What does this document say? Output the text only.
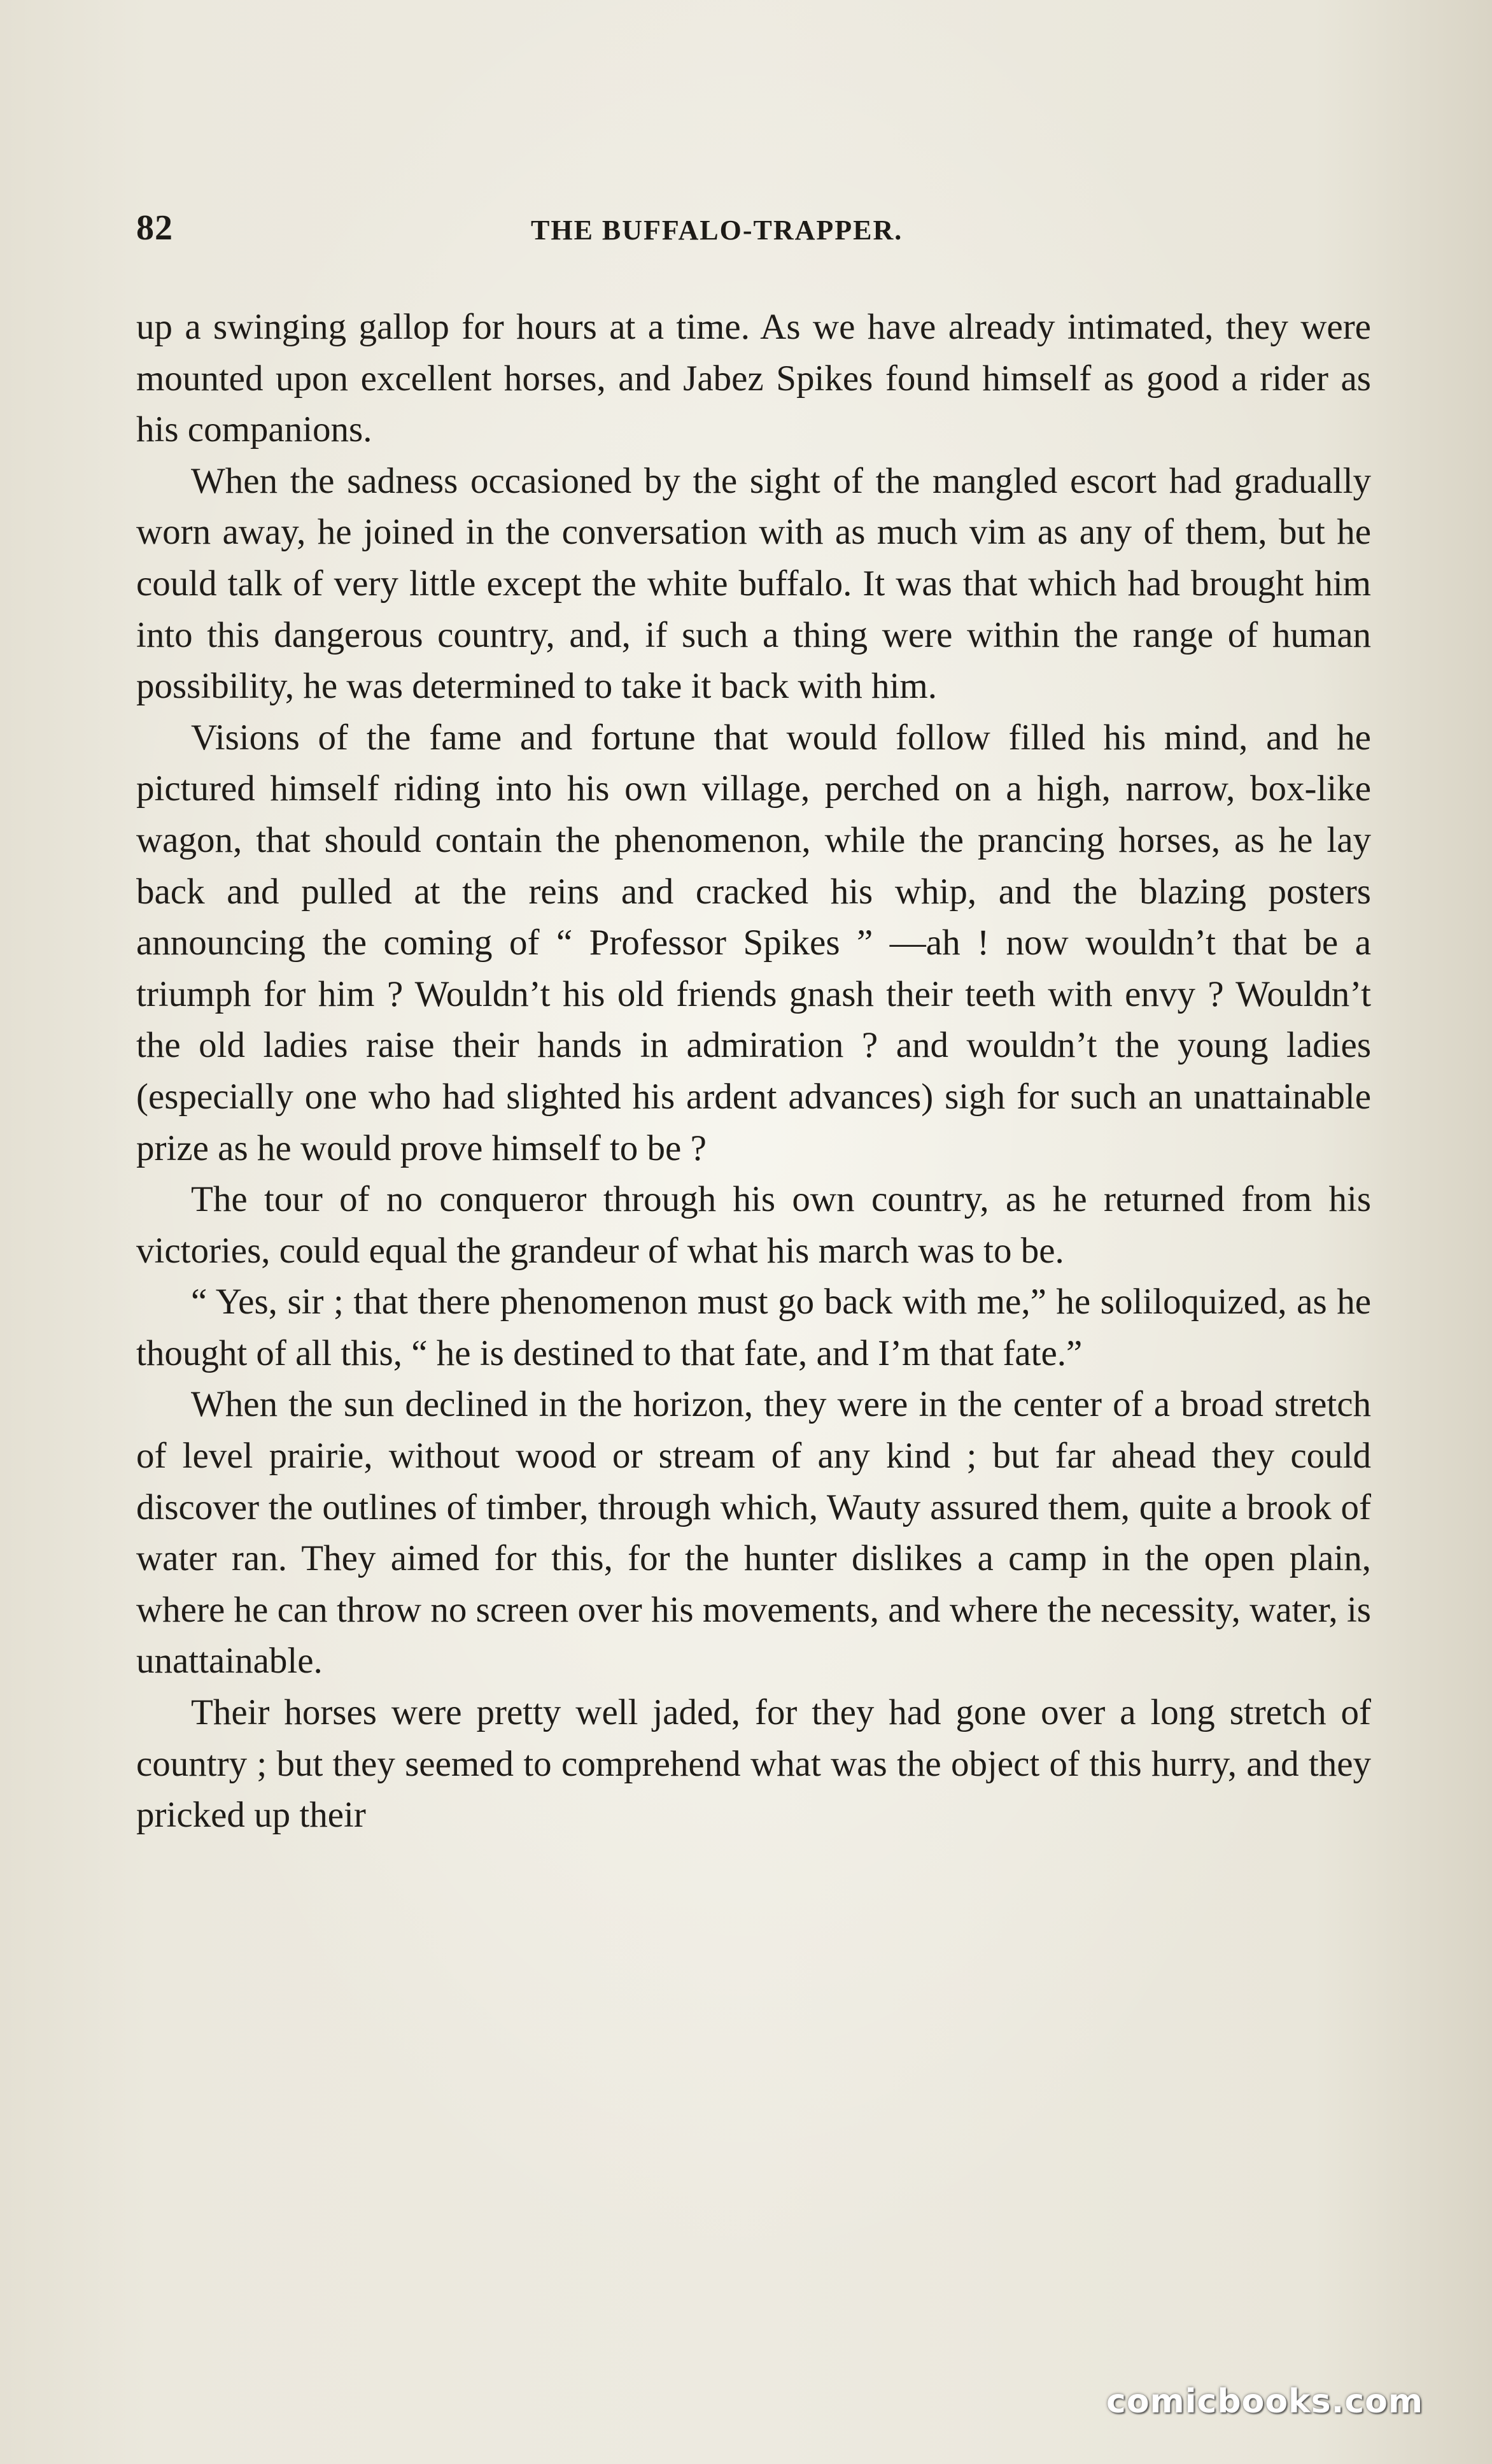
82	THE BUFFALO-TRAPPER.

up a swinging gallop for hours at a time. As we have already intimated, they were mounted upon excellent horses, and Jabez Spikes found himself as good a rider as his companions.

When the sadness occasioned by the sight of the mangled escort had gradually worn away, he joined in the conversation with as much vim as any of them, but he could talk of very little except the white buffalo. It was that which had brought him into this dangerous country, and, if such a thing were within the range of human possibility, he was determined to take it back with him.

Visions of the fame and fortune that would follow filled his mind, and he pictured himself riding into his own village, perched on a high, narrow, box-like wagon, that should contain the phenomenon, while the prancing horses, as he lay back and pulled at the reins and cracked his whip, and the blazing posters announcing the coming of “ Professor Spikes ” —ah ! now wouldn’t that be a triumph for him ? Wouldn’t his old friends gnash their teeth with envy ? Wouldn’t the old ladies raise their hands in admiration ? and wouldn’t the young ladies (especially one who had slighted his ardent advances) sigh for such an unattainable prize as he would prove himself to be ?

The tour of no conqueror through his own country, as he returned from his victories, could equal the grandeur of what his march was to be.

“ Yes, sir ; that there phenomenon must go back with me,” he soliloquized, as he thought of all this, “ he is destined to that fate, and I’m that fate.”

When the sun declined in the horizon, they were in the center of a broad stretch of level prairie, without wood or stream of any kind ; but far ahead they could discover the outlines of timber, through which, Wauty assured them, quite a brook of water ran. They aimed for this, for the hunter dislikes a camp in the open plain, where he can throw no screen over his movements, and where the necessity, water, is unattainable.

Their horses were pretty well jaded, for they had gone over a long stretch of country ; but they seemed to comprehend what was the object of this hurry, and they pricked up their

comicbooks.com
